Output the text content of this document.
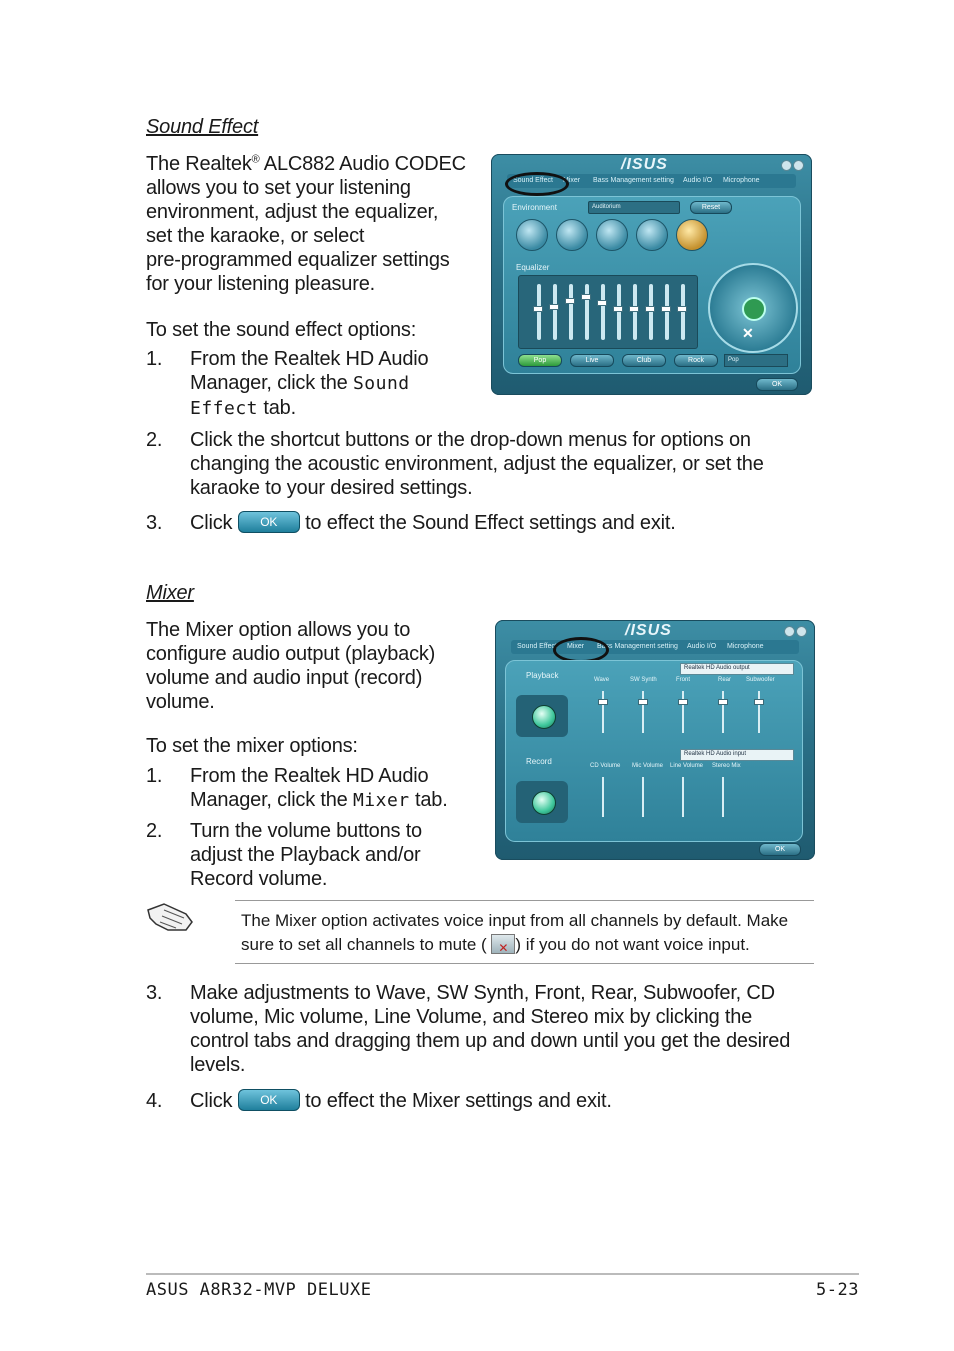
Sound Effect
The Realtek® ALC882 Audio CODEC
allows you to set your listening
environment, adjust the equalizer,
set the karaoke, or select
pre-programmed equalizer settings
for your listening pleasure.
To set the sound effect options:
1. From the Realtek HD Audio
Manager, click the Sound
Effect tab.
2. Click the shortcut buttons or the drop-down menus for options on
changing the acoustic environment, adjust the equalizer, or set the
karaoke to your desired settings.
3. Click OK to effect the Sound Effect settings and exit.
/ISUS
Sound Effect Mixer Bass Management setting Audio I/O Microphone
Environment	Auditorium	Reset
Equalizer
✕
Pop	Live	Club	Rock	Pop
OK
Mixer
The Mixer option allows you to
configure audio output (playback)
volume and audio input (record)
volume.
To set the mixer options:
1. From the Realtek HD Audio
Manager, click the Mixer tab.
2. Turn the volume buttons to
adjust the Playback and/or
Record volume.
/ISUS
Sound Effect Mixer Bass Management setting Audio I/O Microphone
Playback
Record
Realtek HD Audio output
Realtek HD Audio input
Wave	SW Synth	Front	Rear Subwoofer
CD Volume Mic Volume Line Volume Stereo Mix
OK
The Mixer option activates voice input from all channels by default. Make
sure to set all channels to mute ( ✕ ) if you do not want voice input.
3. Make adjustments to Wave, SW Synth, Front, Rear, Subwoofer, CD
volume, Mic volume, Line Volume, and Stereo mix by clicking the
control tabs and dragging them up and down until you get the desired
levels.
4. Click OK to effect the Mixer settings and exit.
ASUS A8R32-MVP DELUXE	5-23
